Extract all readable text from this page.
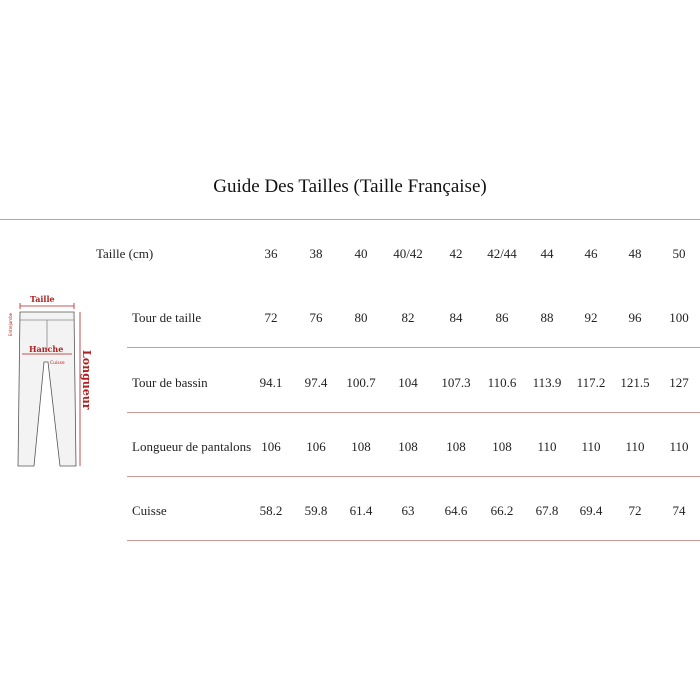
Guide Des Tailles (Taille Française)
Taille (cm)	36 38 40 40/42 42 42/44 44 46 48 50
Tour de taille	72 76 80	82	84	86 88 92 96 100
Tour de bassin	94.1 97.4 100.7 104 107.3 110.6 113.9 117.2 121.5 127
Longueur de pantalons 106 106 108 108 108 108 110 110 110 110
Cuisse	58.2 59.8 61.4 63 64.6 66.2 67.8 69.4 72 74
Taille
Hanche
Cuisse
Entrejambe
Longueur
